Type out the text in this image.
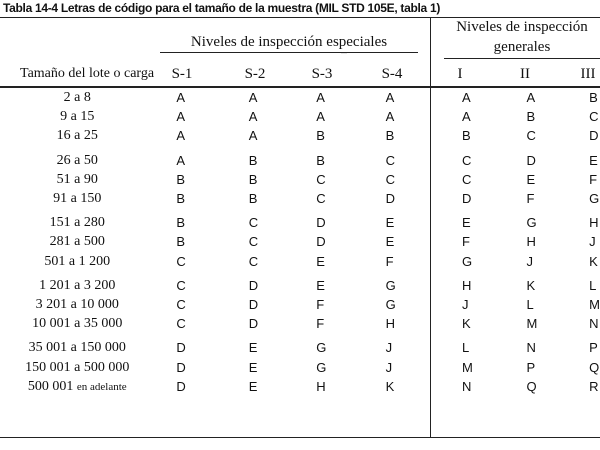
Tabla 14-4 Letras de código para el tamaño de la muestra (MIL STD 105E, tabla 1)
Niveles de inspección especiales
···
Niveles de inspección
generales
Tamaño del lote o carga	S-1	S-2	S-3	S-4	I	II	III
2 a 8		A		A		A		A		A		A		B
9 a 15		A		A		A		A		A		B		C
16 a 25		A		A		B		B		B		C		D

26 a 50		A		B		B		C		C		D		E
51 a 90		B		B		C		C		C		E		F
91 a 150		B		B		C		D		D		F		G

151 a 280		B		C		D		E		E		G		H
281 a 500		B		C		D		E		F		H		J
501 a 1 200		C		C		E		F		G		J		K

1 201 a 3 200		C		D		E		G		H		K		L
3 201 a 10 000		C		D		F		G		J		L		M
10 001 a 35 000		C		D		F		H		K		M		N

35 001 a 150 000		D		E		G		J		L		N		P
150 001 a 500 000		D		E		G		J		M		P		Q
500 001 en adelante		D		E		H		K		N		Q		R
